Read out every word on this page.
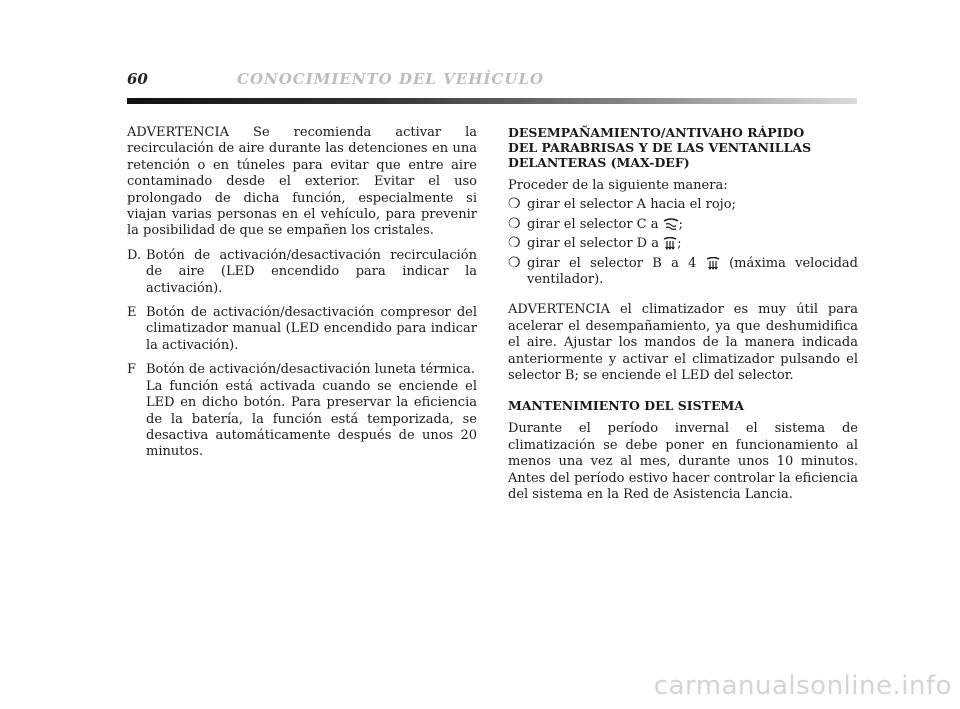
60	CONOCIMIENTO DEL VEHÍCULO

ADVERTENCIA Se recomienda activar la recirculación de aire durante las detenciones en una retención o en túneles para evitar que entre aire contaminado desde el exterior. Evitar el uso prolongado de dicha función, especialmente si viajan varias personas en el vehículo, para prevenir la posibilidad de que se empañen los cristales.

D. Botón de activación/desactivación recirculación de aire (LED encendido para indicar la activación).
E Botón de activación/desactivación compresor del climatizador manual (LED encendido para indicar la activación).
F Botón de activación/desactivación luneta térmica.
La función está activada cuando se enciende el LED en dicho botón. Para preservar la eficiencia de la batería, la función está temporizada, se desactiva automáticamente después de unos 20 minutos.
DESEMPAÑAMIENTO/ANTIVAHO RÁPIDO
DEL PARABRISAS Y DE LAS VENTANILLAS
DELANTERAS (MAX-DEF)

Proceder de la siguiente manera:

❍ girar el selector A hacia el rojo;
❍ girar el selector C a ;
❍ girar el selector D a ;
❍ girar el selector B a 4	(máxima velocidad ventilador).

ADVERTENCIA el climatizador es muy útil para acelerar el desempañamiento, ya que deshumidifica el aire. Ajustar los mandos de la manera indicada anteriormente y activar el climatizador pulsando el selector B; se enciende el LED del selector.

MANTENIMIENTO DEL SISTEMA

Durante el período invernal el sistema de climatización se debe poner en funcionamiento al menos una vez al mes, durante unos 10 minutos. Antes del período estivo hacer controlar la eficiencia del sistema en la Red de Asistencia Lancia.

carmanualsonline.info
